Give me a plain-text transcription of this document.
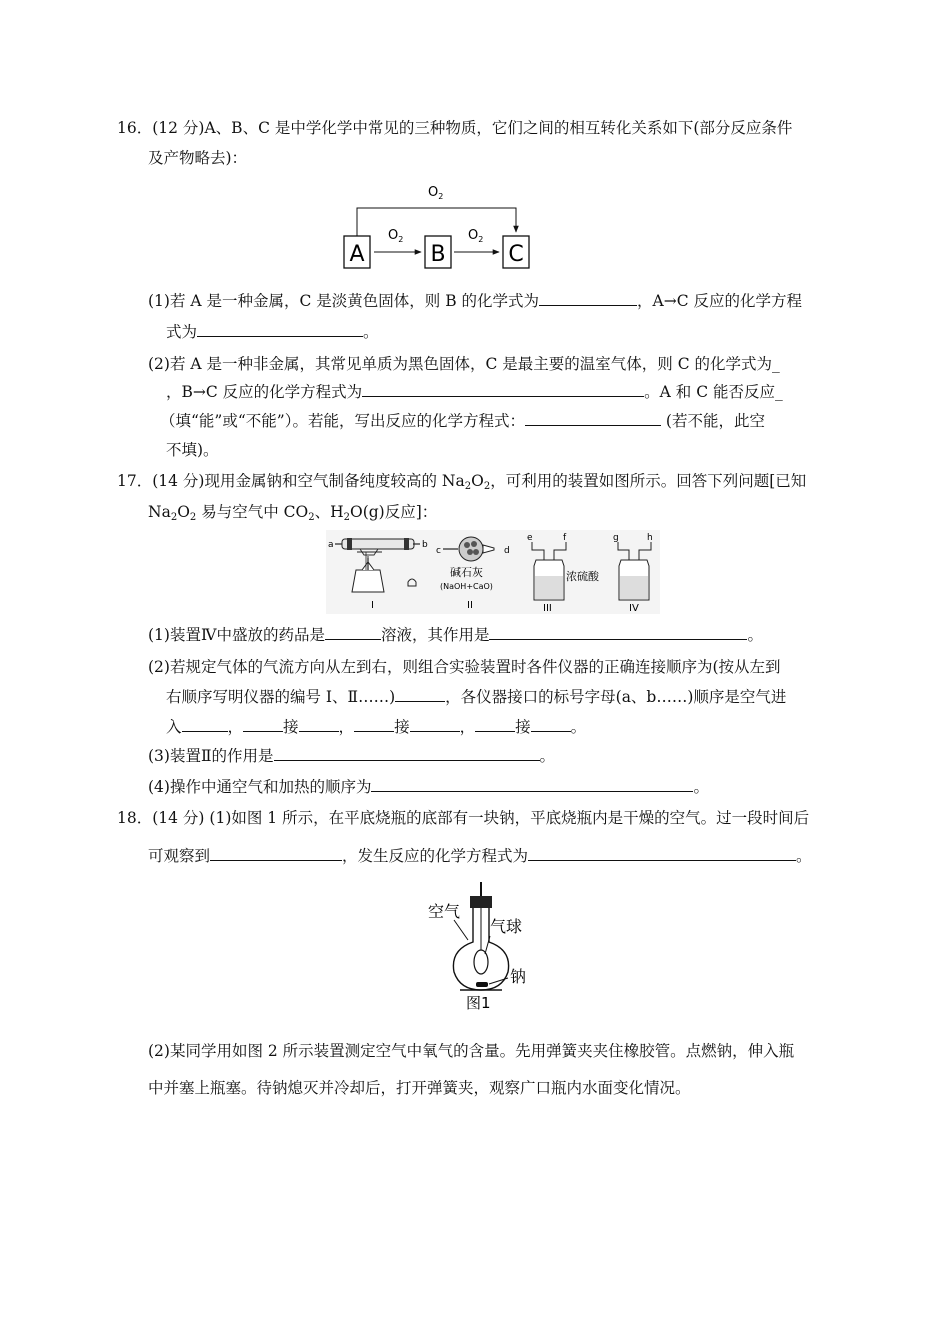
16．(12 分)A、B、C 是中学化学中常见的三种物质，它们之间的相互转化关系如下(部分反应条件
及产物略去)：
$O_2$
A
$O_2$
B
$O_2$
C
(1)若 A 是一种金属，C 是淡黄色固体，则 B 的化学式为	，A→C 反应的化学方程
式为	。
(2)若 A 是一种非金属，其常见单质为黑色固体，C 是最主要的温室气体，则 C 的化学式为_
，B→C 反应的化学方程式为	。A 和 C 能否反应_
（填“能”或“不能”）。若能，写出反应的化学方程式：	(若不能，此空
不填)。
17．(14 分)现用金属钠和空气制备纯度较高的 $Na_2O_2$，可利用的装置如图所示。回答下列问题[已知
$Na_2O_2$ 易与空气中 $CO_2$、$H_2O(g)$反应]：
a	b
I
c	d
碱石灰
(NaOH+CaO)
II
e	f
浓硫酸
III
g	h
IV
(1)装置Ⅳ中盛放的药品是	溶液，其作用是	。
(2)若规定气体的气流方向从左到右，则组合实验装置时各件仪器的正确连接顺序为(按从左到
右顺序写明仪器的编号 Ⅰ、Ⅱ……)	，各仪器接口的标号字母(a、b……)顺序是空气进
入	，	接	，	接	，	接	。
(3)装置Ⅱ的作用是	。
(4)操作中通空气和加热的顺序为	。
18．(14 分) (1)如图 1 所示，在平底烧瓶的底部有一块钠，平底烧瓶内是干燥的空气。过一段时间后
可观察到	，发生反应的化学方程式为	。
空气
气球
钠
图1
(2)某同学用如图 2 所示装置测定空气中氧气的含量。先用弹簧夹夹住橡胶管。点燃钠，伸入瓶
中并塞上瓶塞。待钠熄灭并冷却后，打开弹簧夹，观察广口瓶内水面变化情况。
